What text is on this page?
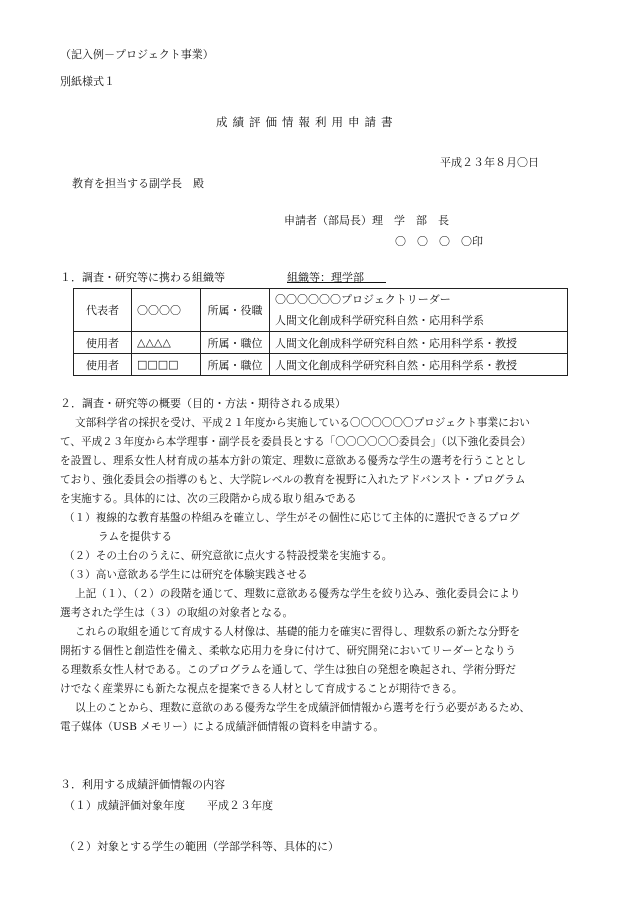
（記入例－プロジェクト事業）
別紙様式１
成績評価情報利用申請書
平成２３年８月〇日
教育を担当する副学長　殿
申請者（部局長）理　学　部　長
〇　〇　〇　〇印
１．調査・研究等に携わる組織等	組織等：理学部　　
代表者	〇〇〇〇	所属・役職	〇〇〇〇〇〇プロジェクトリーダー
人間文化創成科学研究科自然・応用科学系

使用者	△△△△	所属・職位	人間文化創成科学研究科自然・応用科学系・教授
使用者	□□□□	所属・職位	人間文化創成科学研究科自然・応用科学系・教授
２．調査・研究等の概要（目的・方法・期待される成果）
文部科学省の採択を受け、平成２１年度から実施している〇〇〇〇〇〇プロジェクト事業におい
て、平成２３年度から本学理事・副学長を委員長とする「〇〇〇〇〇〇委員会」（以下強化委員会）
を設置し、理系女性人材育成の基本方針の策定、理数に意欲ある優秀な学生の選考を行うこととし
ており、強化委員会の指導のもと、大学院レベルの教育を視野に入れたアドバンスト・プログラム
を実施する。具体的には、次の三段階から成る取り組みである
（１）複線的な教育基盤の枠組みを確立し、学生がその個性に応じて主体的に選択できるプログ
ラムを提供する
（２）その土台のうえに、研究意欲に点火する特設授業を実施する。
（３）高い意欲ある学生には研究を体験実践させる
上記（１）、（２）の段階を通じて、理数に意欲ある優秀な学生を絞り込み、強化委員会により
選考された学生は（３）の取組の対象者となる。
これらの取組を通じて育成する人材像は、基礎的能力を確実に習得し、理数系の新たな分野を
開拓する個性と創造性を備え、柔軟な応用力を身に付けて、研究開発においてリーダーとなりう
る理数系女性人材である。このプログラムを通して、学生は独自の発想を喚起され、学術分野だ
けでなく産業界にも新たな視点を提案できる人材として育成することが期待できる。
以上のことから、理数に意欲のある優秀な学生を成績評価情報から選考を行う必要があるため、
電子媒体（USB メモリー）による成績評価情報の資料を申請する。
３．利用する成績評価情報の内容
（１）成績評価対象年度　　平成２３年度
（２）対象とする学生の範囲（学部学科等、具体的に）
